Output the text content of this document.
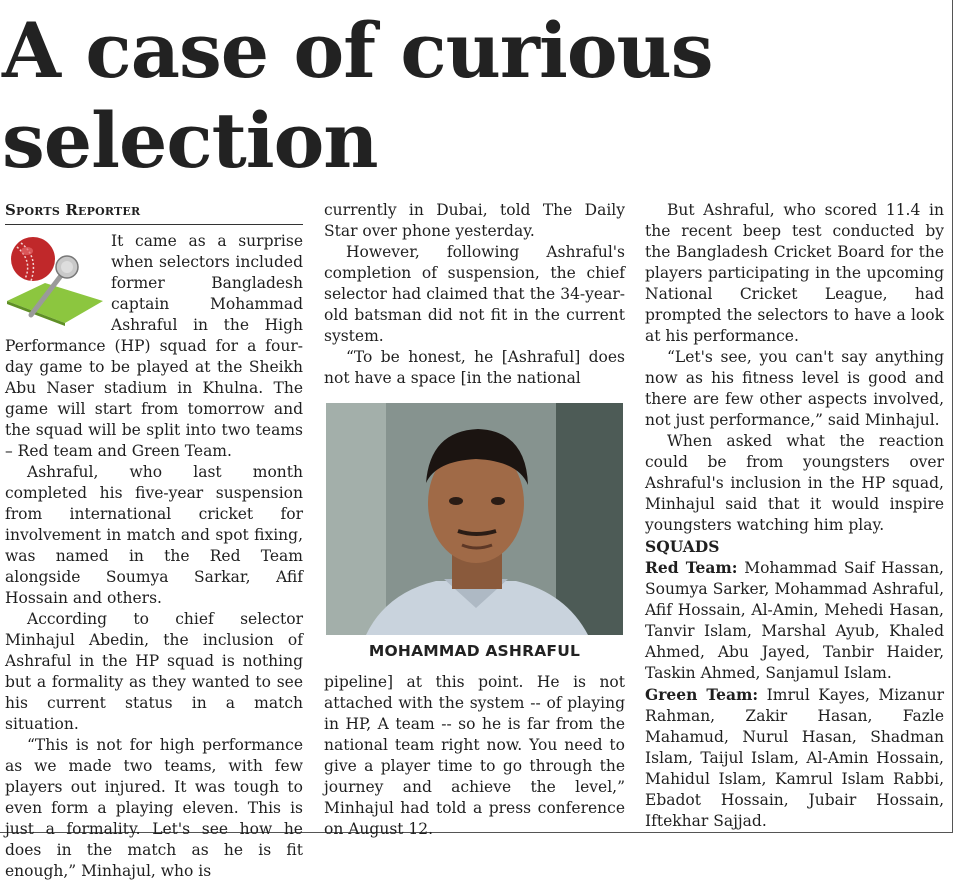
A case of curious
selection
Sports Reporter

It came as a surprise when selectors included former Bangladesh captain Mohammad Ashraful in the High Performance (HP) squad for a four-day game to be played at the Sheikh Abu Naser stadium in Khulna. The game will start from tomorrow and the squad will be split into two teams – Red team and Green Team.

Ashraful, who last month completed his five-year suspension from international cricket for involvement in match and spot fixing, was named in the Red Team alongside Soumya Sarkar, Afif Hossain and others.

According to chief selector Minhajul Abedin, the inclusion of Ashraful in the HP squad is nothing but a formality as they wanted to see his current status in a match situation.

“This is not for high performance as we made two teams, with few players out injured. It was tough to even form a playing eleven. This is just a formality. Let's see how he does in the match as he is fit enough,” Minhajul, who is

currently in Dubai, told The Daily Star over phone yesterday.

However, following Ashraful's completion of suspension, the chief selector had claimed that the 34-year-old batsman did not fit in the current system.

“To be honest, he [Ashraful] does not have a space [in the national

MOHAMMAD ASHRAFUL

pipeline] at this point. He is not attached with the system -- of playing in HP, A team -- so he is far from the national team right now. You need to give a player time to go through the journey and achieve the level,” Minhajul had told a press conference on August 12.

But Ashraful, who scored 11.4 in the recent beep test conducted by the Bangladesh Cricket Board for the players participating in the upcoming National Cricket League, had prompted the selectors to have a look at his performance.

“Let's see, you can't say anything now as his fitness level is good and there are few other aspects involved, not just performance,” said Minhajul.

When asked what the reaction could be from youngsters over Ashraful's inclusion in the HP squad, Minhajul said that it would inspire youngsters watching him play.

SQUADS

Red Team: Mohammad Saif Hassan, Soumya Sarker, Mohammad Ashraful, Afif Hossain, Al-Amin, Mehedi Hasan, Tanvir Islam, Marshal Ayub, Khaled Ahmed, Abu Jayed, Tanbir Haider, Taskin Ahmed, Sanjamul Islam.

Green Team: Imrul Kayes, Mizanur Rahman, Zakir Hasan, Fazle Mahamud, Nurul Hasan, Shadman Islam, Taijul Islam, Al-Amin Hossain, Mahidul Islam, Kamrul Islam Rabbi, Ebadot Hossain, Jubair Hossain, Iftekhar Sajjad.
